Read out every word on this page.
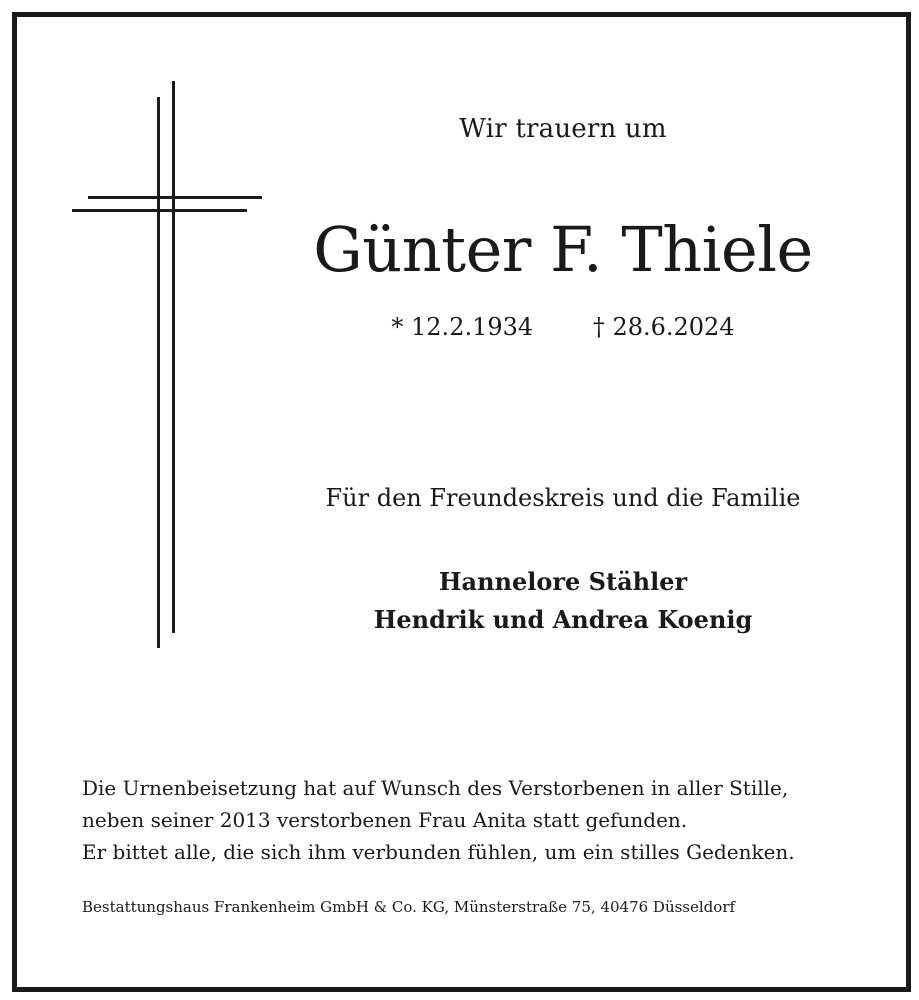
Wir trauern um
Günter F. Thiele
* 12.2.1934 † 28.6.2024
Für den Freundeskreis und die Familie
Hannelore Stähler
Hendrik und Andrea Koenig
Die Urnenbeisetzung hat auf Wunsch des Verstorbenen in aller Stille,
neben seiner 2013 verstorbenen Frau Anita statt gefunden.
Er bittet alle, die sich ihm verbunden fühlen, um ein stilles Gedenken.
Bestattungshaus Frankenheim GmbH & Co. KG, Münsterstraße 75, 40476 Düsseldorf
